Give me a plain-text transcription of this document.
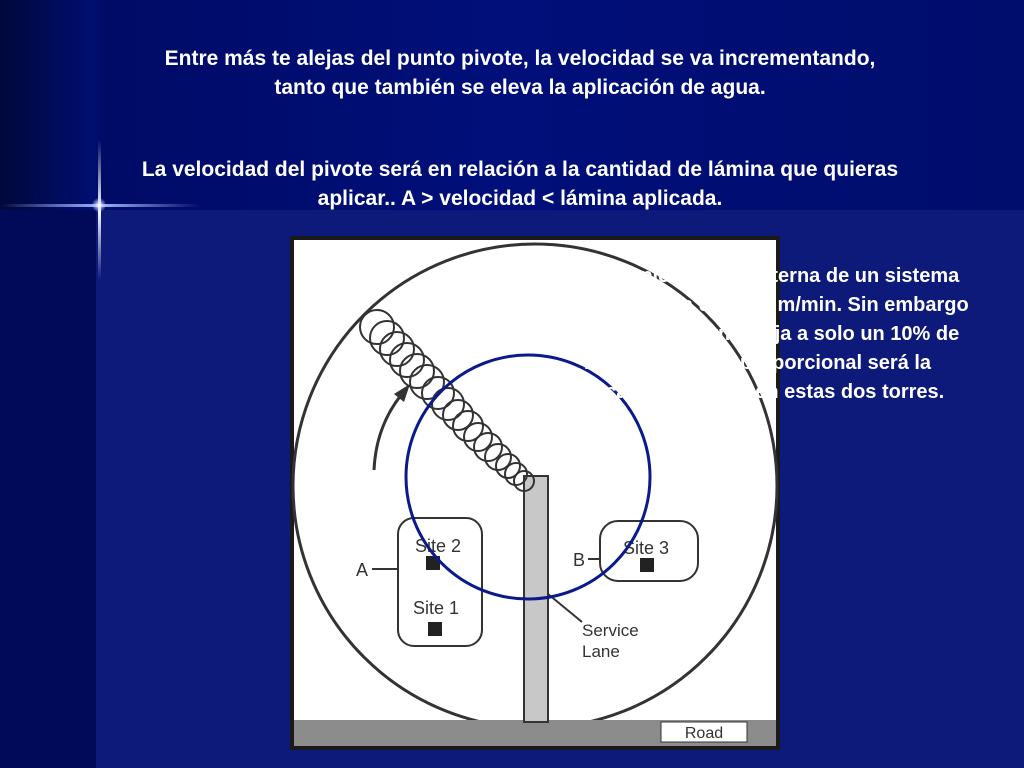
Entre más te alejas del punto pivote, la velocidad se va incrementando, tanto que también se eleva la aplicación de agua.

La velocidad del pivote será en relación a la cantidad de lámina que quieras aplicar.. A > velocidad < lámina aplicada.

Road
Site 2
Site 1
A
Site 3
B
Service
Lane

Por ejemplo la torre externa de un sistema de 50 has, viaja de 1 a 4 m/min. Sin embargo la torre más interna viaja a solo un 10% de la anterior. Algo proporcional será la aplicación de agua en estas dos torres.
